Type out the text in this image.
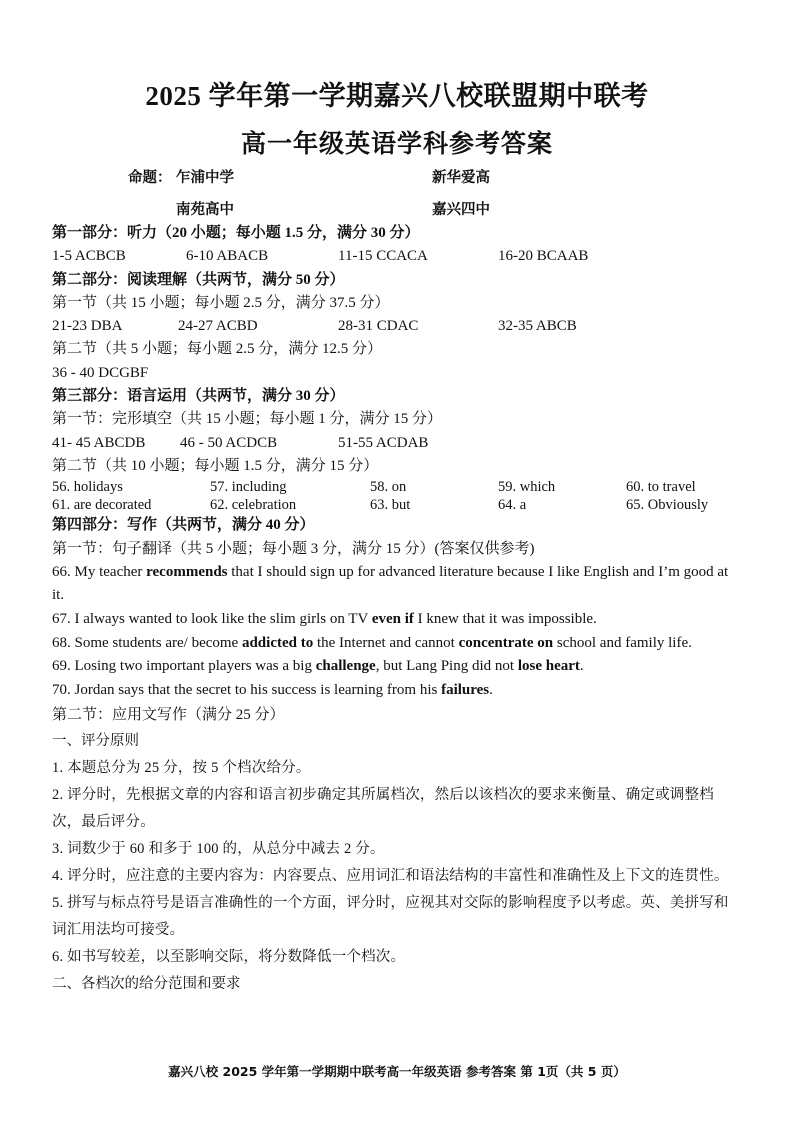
2025 学年第一学期嘉兴八校联盟期中联考
高一年级英语学科参考答案
命题： 乍浦中学	新华爱高
南苑高中	嘉兴四中
第一部分：听力（20 小题；每小题 1.5 分，满分 30 分）
1-5 ACBCB	6-10 ABACB	11-15 CCACA	16-20 BCAAB
第二部分：阅读理解（共两节，满分 50 分）
第一节（共 15 小题；每小题 2.5 分，满分 37.5 分）
21-23 DBA	24-27 ACBD	28-31 CDAC	32-35 ABCB
第二节（共 5 小题；每小题 2.5 分，满分 12.5 分）
36 - 40 DCGBF
第三部分：语言运用（共两节，满分 30 分）
第一节：完形填空（共 15 小题；每小题 1 分，满分 15 分）
41- 45 ABCDB 46 - 50 ACDCB	51-55 ACDAB
第二节（共 10 小题；每小题 1.5 分，满分 15 分）
56. holidays	57. including	58. on	59. which	60. to travel
61. are decorated	62. celebration	63. but	64. a	65. Obviously
第四部分：写作（共两节，满分 40 分）
第一节：句子翻译（共 5 小题；每小题 3 分，满分 15 分）(答案仅供参考)
66. My teacher recommends that I should sign up for advanced literature because I like English and I’m good at it.
67. I always wanted to look like the slim girls on TV even if I knew that it was impossible.
68. Some students are/ become addicted to the Internet and cannot concentrate on school and family life.
69. Losing two important players was a big challenge, but Lang Ping did not lose heart.
70. Jordan says that the secret to his success is learning from his failures.
第二节：应用文写作（满分 25 分）
一、评分原则
1. 本题总分为 25 分，按 5 个档次给分。
2. 评分时，先根据文章的内容和语言初步确定其所属档次，然后以该档次的要求来衡量、确定或调整档次，最后评分。
3. 词数少于 60 和多于 100 的，从总分中减去 2 分。
4. 评分时，应注意的主要内容为：内容要点、应用词汇和语法结构的丰富性和准确性及上下文的连贯性。
5. 拼写与标点符号是语言准确性的一个方面，评分时，应视其对交际的影响程度予以考虑。英、美拼写和词汇用法均可接受。
6. 如书写较差，以至影响交际，将分数降低一个档次。
二、各档次的给分范围和要求
嘉兴八校 2025 学年第一学期期中联考高一年级英语 参考答案 第 1页（共 5 页）
